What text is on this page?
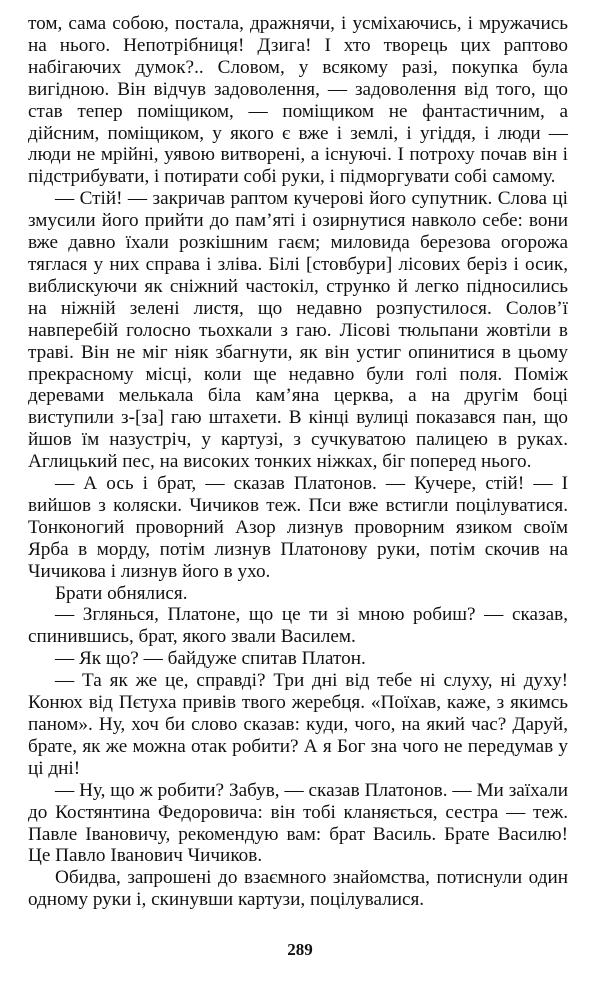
том, сама собою, постала, дражнячи, і усміхаючись, і мружачись на нього. Непотрібниця! Дзига! І хто творець цих раптово набігаючих думок?.. Словом, у всякому разі, покупка була вигідною. Він відчув задоволення, — задоволення від того, що став тепер поміщиком, — поміщиком не фантастичним, а дійсним, поміщиком, у якого є вже і землі, і угіддя, і люди — люди не мрійні, уявою витворені, а існуючі. І потроху почав він і підстрибувати, і потирати собі руки, і підморгувати собі самому.

— Стій! — закричав раптом кучерові його супутник. Слова ці змусили його прийти до пам’яті і озирнутися навколо себе: вони вже давно їхали розкішним гаєм; миловида березова огорожа тяглася у них справа і зліва. Білі [стовбури] лісових беріз і осик, виблискуючи як сніжний частокіл, струнко й легко підносились на ніжній зелені листя, що недавно розпустилося. Солов’ї навперебій голосно тьохкали з гаю. Лісові тюльпани жовтіли в траві. Він не міг ніяк збагнути, як він устиг опинитися в цьому прекрасному місці, коли ще недавно були голі поля. Поміж деревами мелькала біла кам’яна церква, а на другім боці виступили з-[за] гаю штахети. В кінці вулиці показався пан, що йшов їм назустріч, у картузі, з сучкуватою палицею в руках. Аглицький пес, на високих тонких ніжках, біг поперед нього.

— А ось і брат, — сказав Платонов. — Кучере, стій! — І вийшов з коляски. Чичиков теж. Пси вже встигли поцілуватися. Тонконогий проворний Азор лизнув проворним язиком своїм Ярба в морду, потім лизнув Платонову руки, потім скочив на Чичикова і лизнув його в ухо.

Брати обнялися.

— Зглянься, Платоне, що це ти зі мною робиш? — сказав, спинившись, брат, якого звали Василем.

— Як що? — байдуже спитав Платон.

— Та як же це, справді? Три дні від тебе ні слуху, ні духу! Конюх від Пєтуха привів твого жеребця. «Поїхав, каже, з якимсь паном». Ну, хоч би слово сказав: куди, чого, на який час? Даруй, брате, як же можна отак робити? А я Бог зна чого не передумав у ці дні!

— Ну, що ж робити? Забув, — сказав Платонов. — Ми заїхали до Костянтина Федоровича: він тобі кланяється, сестра — теж. Павле Івановичу, рекомендую вам: брат Василь. Брате Василю! Це Павло Іванович Чичиков.

Обидва, запрошені до взаємного знайомства, потиснули один одному руки і, скинувши картузи, поцілувалися.

289
